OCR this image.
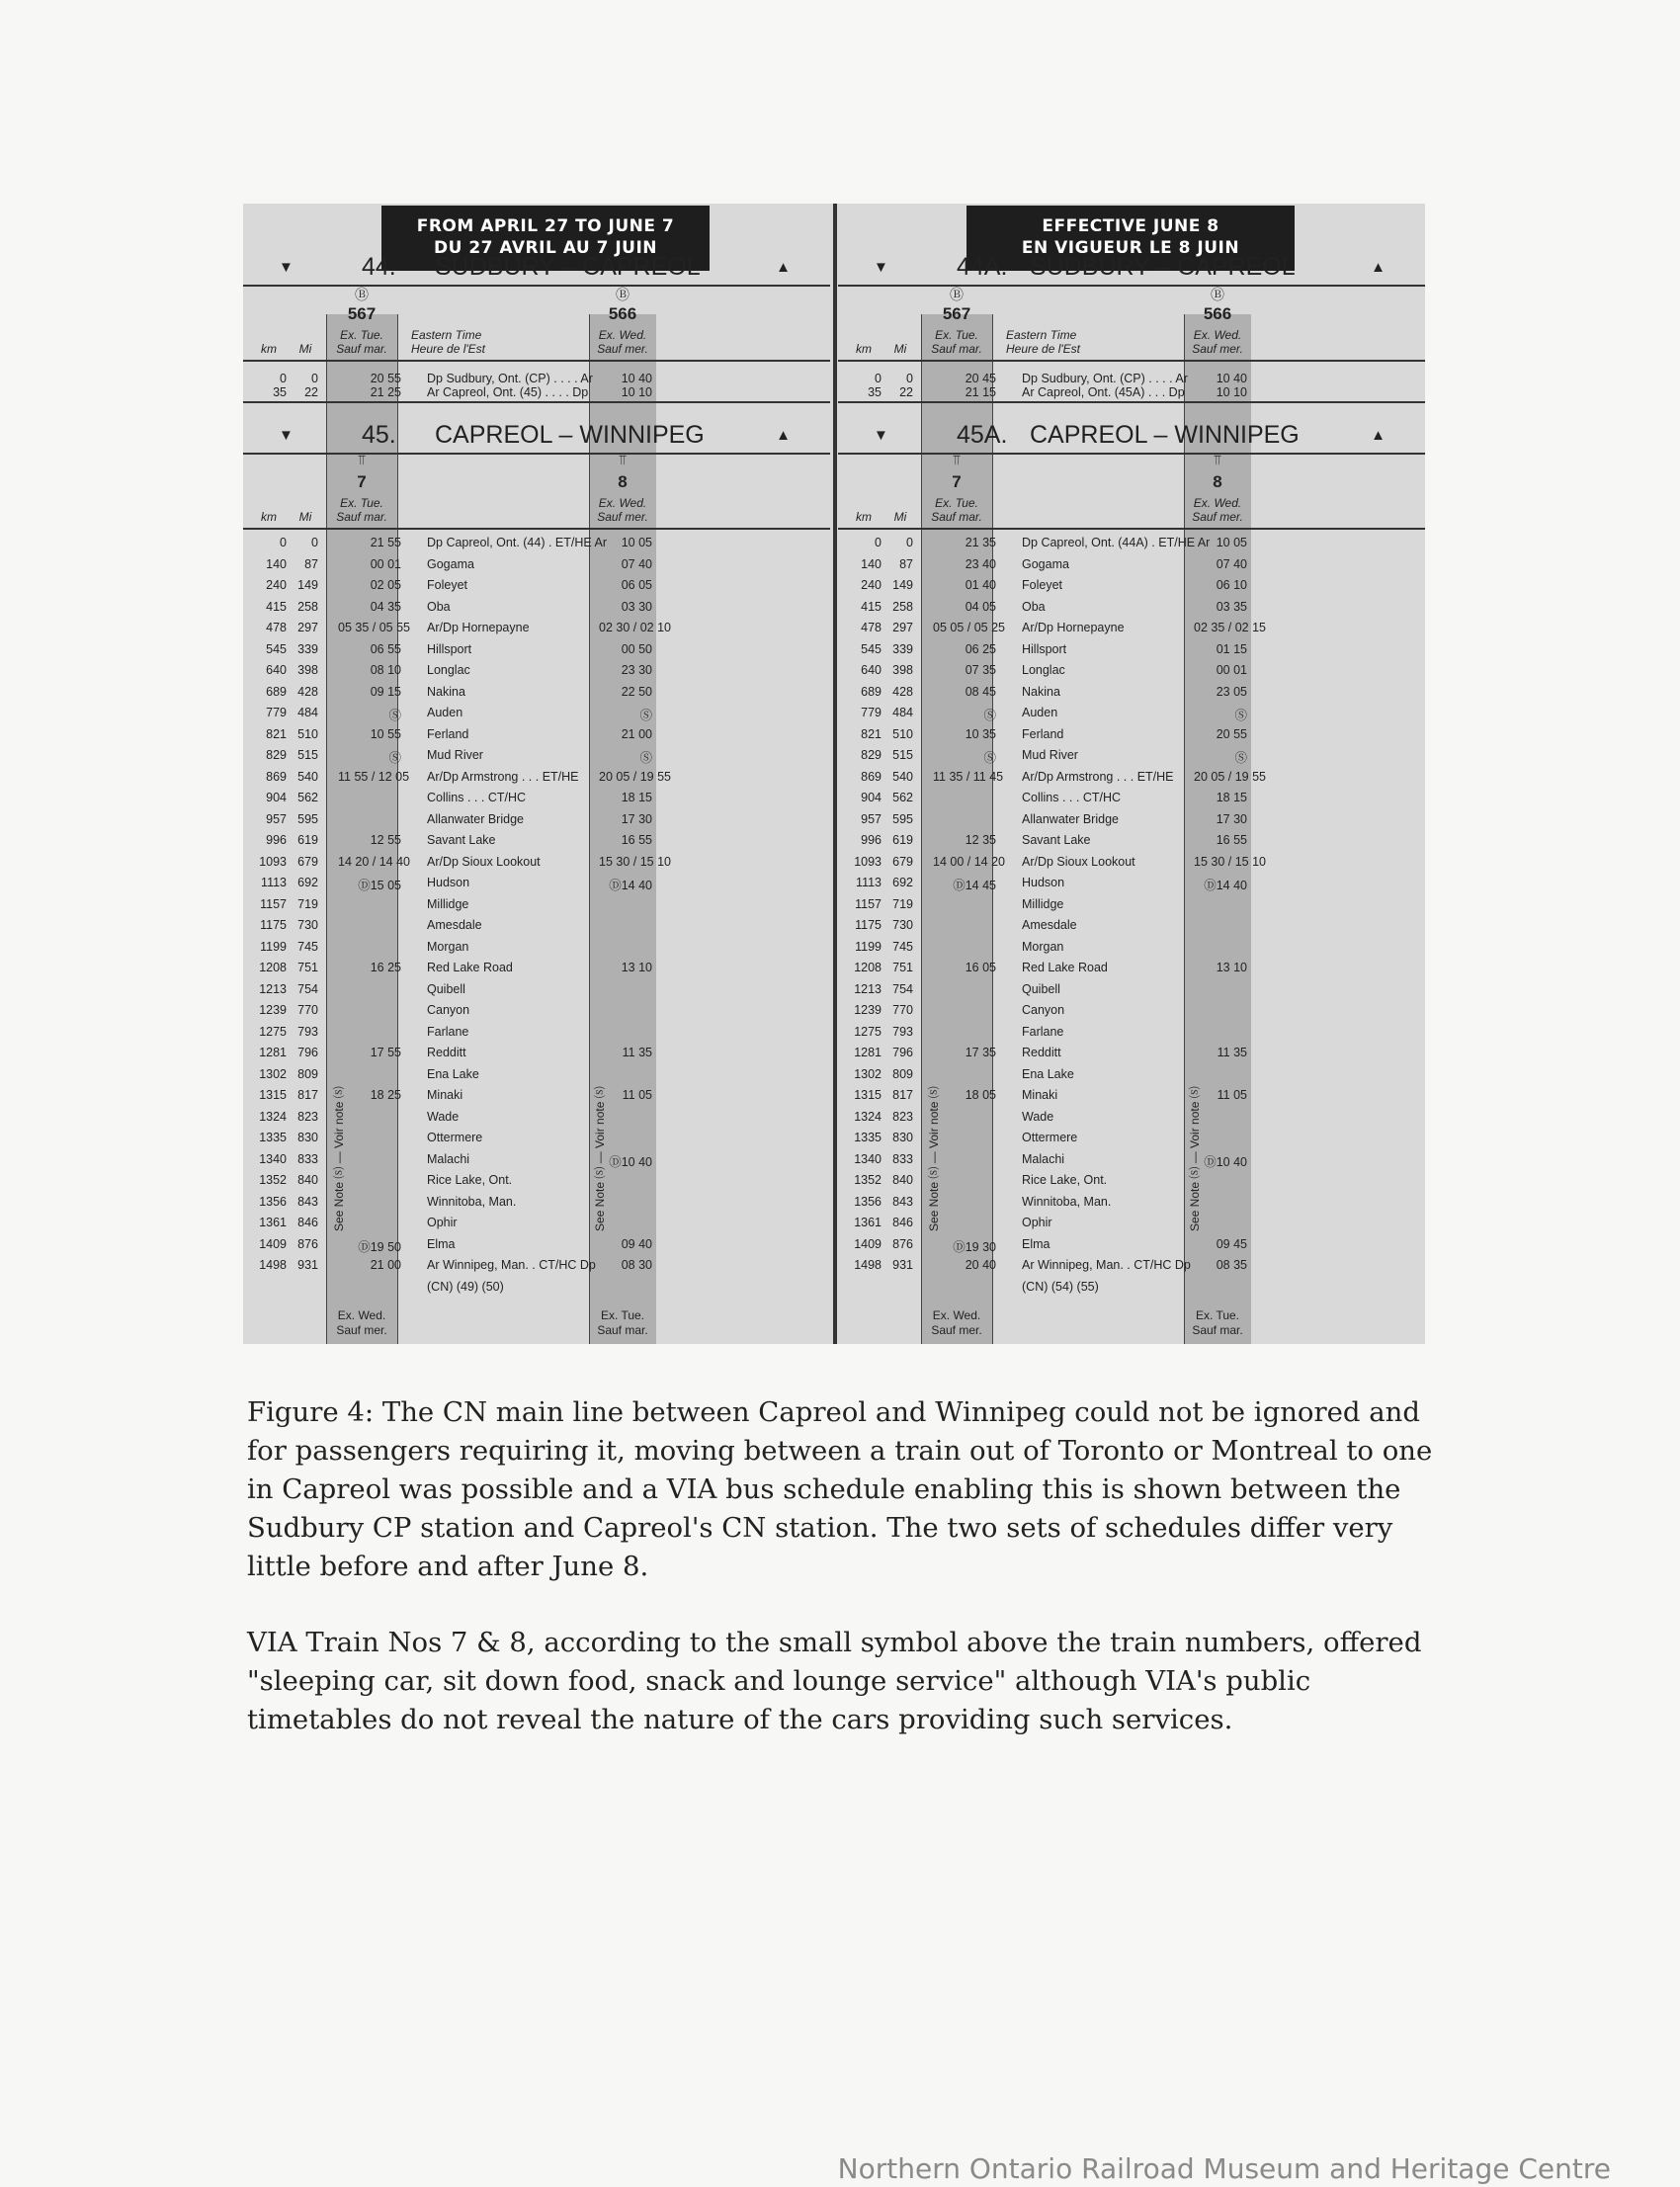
FROM APRIL 27 TO JUNE 7
DU 27 AVRIL AU 7 JUIN
▼	44. SUDBURY – CAPREOL	▲
Ⓑ	Ⓑ
567	566
Ex. Tue.
Sauf mar.
Ex. Wed.
Sauf mer.
km	Mi
Eastern Time
Heure de l'Est
0	0	20 55 Dp Sudbury, Ont. (CP) . . . . Ar	10 40
35	22	21 25 Ar Capreol, Ont. (45) . . . . Dp	10 10
▼	45. CAPREOL – WINNIPEG	▲
⫪	⫪
7	8
Ex. Tue.
Sauf mar.
Ex. Wed.
Sauf mer.
km	Mi
0	0	21 55 Dp Capreol, Ont. (44) . ET/HE Ar	10 05
140	87	00 01 Gogama	07 40
240 149	02 05 Foleyet	06 05
415 258	04 35 Oba	03 30
478 297 05 35 / 05 55 Ar/Dp Hornepayne	02 30 / 02 10
545 339	06 55 Hillsport	00 50
640 398	08 10 Longlac	23 30
689 428	09 15 Nakina	22 50
779 484	Ⓢ Auden	Ⓢ
821 510	10 55 Ferland	21 00
829 515	Ⓢ Mud River	Ⓢ
869 540 11 55 / 12 05 Ar/Dp Armstrong . . . ET/HE 20 05 / 19 55
904 562	Collins . . . CT/HC	18 15
957 595	Allanwater Bridge	17 30
996 619	12 55 Savant Lake	16 55
1093 679 14 20 / 14 40 Ar/Dp Sioux Lookout	15 30 / 15 10
1113 692	Ⓓ15 05 Hudson	Ⓓ14 40
1157 719	Millidge
1175 730	Amesdale
1199 745	Morgan
1208 751	16 25 Red Lake Road	13 10
1213 754	Quibell
1239 770	Canyon
1275 793	Farlane
1281 796	17 55 Redditt	11 35
1302 809	Ena Lake
1315 817	18 25 Minaki	11 05
1324 823	Wade
1335 830	Ottermere
1340 833	Malachi	Ⓓ10 40
1352 840	Rice Lake, Ont.
1356 843	Winnitoba, Man.
1361 846	Ophir
1409 876	Ⓓ19 50 Elma	09 40
1498 931	21 00 Ar Winnipeg, Man. . CT/HC Dp	08 30
(CN) (49) (50)
Ex. Wed.
Sauf mer.
Ex. Tue.
Sauf mar.
See Note ⒮ — Voir note ⒮	See Note ⒮ — Voir note ⒮
EFFECTIVE JUNE 8
EN VIGUEUR LE 8 JUIN
▼	44A. SUDBURY – CAPREOL	▲
Ⓑ	Ⓑ
567	566
Ex. Tue.
Sauf mar.
Ex. Wed.
Sauf mer.
km	Mi
Eastern Time
Heure de l'Est
0	0	20 45 Dp Sudbury, Ont. (CP) . . . . Ar	10 40
35	22	21 15 Ar Capreol, Ont. (45A) . . . Dp	10 10
▼	45A. CAPREOL – WINNIPEG	▲
⫪	⫪
7	8
Ex. Tue.
Sauf mar.
Ex. Wed.
Sauf mer.
km	Mi
0	0	21 35 Dp Capreol, Ont. (44A) . ET/HE Ar 10 05
140	87	23 40 Gogama	07 40
240 149	01 40 Foleyet	06 10
415 258	04 05 Oba	03 35
478 297 05 05 / 05 25 Ar/Dp Hornepayne	02 35 / 02 15
545 339	06 25 Hillsport	01 15
640 398	07 35 Longlac	00 01
689 428	08 45 Nakina	23 05
779 484	Ⓢ Auden	Ⓢ
821 510	10 35 Ferland	20 55
829 515	Ⓢ Mud River	Ⓢ
869 540 11 35 / 11 45 Ar/Dp Armstrong . . . ET/HE 20 05 / 19 55
904 562	Collins . . . CT/HC	18 15
957 595	Allanwater Bridge	17 30
996 619	12 35 Savant Lake	16 55
1093 679 14 00 / 14 20 Ar/Dp Sioux Lookout	15 30 / 15 10
1113 692	Ⓓ14 45 Hudson	Ⓓ14 40
1157 719	Millidge
1175 730	Amesdale
1199 745	Morgan
1208 751	16 05 Red Lake Road	13 10
1213 754	Quibell
1239 770	Canyon
1275 793	Farlane
1281 796	17 35 Redditt	11 35
1302 809	Ena Lake
1315 817	18 05 Minaki	11 05
1324 823	Wade
1335 830	Ottermere
1340 833	Malachi	Ⓓ10 40
1352 840	Rice Lake, Ont.
1356 843	Winnitoba, Man.
1361 846	Ophir
1409 876	Ⓓ19 30 Elma	09 45
1498 931	20 40 Ar Winnipeg, Man. . CT/HC Dp	08 35
(CN) (54) (55)
Ex. Wed.
Sauf mer.
Ex. Tue.
Sauf mar.
See Note ⒮ — Voir note ⒮	See Note ⒮ — Voir note ⒮

Figure 4: The CN main line between Capreol and Winnipeg could not be ignored and for passengers requiring it, moving between a train out of Toronto or Montreal to one in Capreol was possible and a VIA bus schedule enabling this is shown between the Sudbury CP station and Capreol's CN station. The two sets of schedules differ very little before and after June 8.

VIA Train Nos 7 & 8, according to the small symbol above the train numbers, offered "sleeping car, sit down food, snack and lounge service" although VIA's public timetables do not reveal the nature of the cars providing such services.

Northern Ontario Railroad Museum and Heritage Centre
